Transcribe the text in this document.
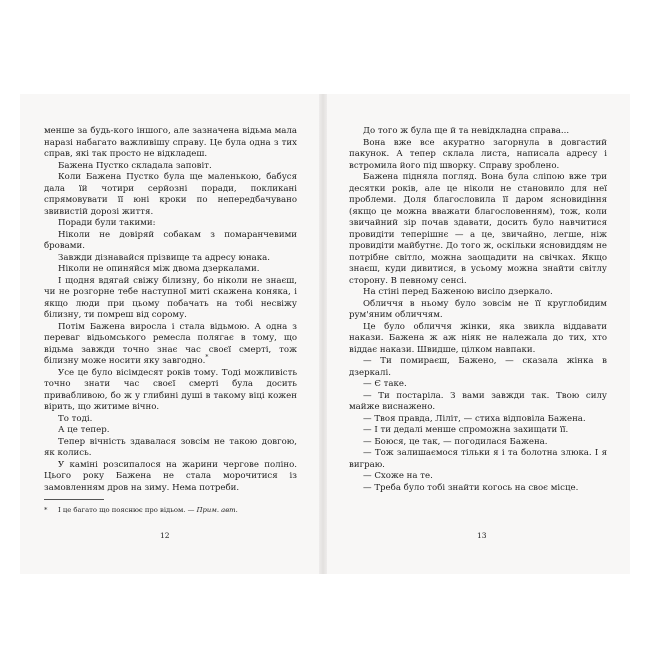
менше за будь-кого іншого, але зазначена відьма мала наразі набагато важливішу справу. Це була одна з тих справ, які так просто не відкладеш.

Бажена Пустко складала заповіт.

Коли Бажена Пустко була ще маленькою, бабуся дала їй чотири серйозні поради, покликані спрямовувати її юні кроки по непередбачувано звивистій дорозі життя.

Поради були такими:

Ніколи не довіряй собакам з помаранчевими бровами.

Завжди дізнавайся прізвище та адресу юнака.

Ніколи не опиняйся між двома дзеркалами.

І щодня вдягай свіжу білизну, бо ніколи не знаєш, чи не розгорне тебе наступної миті скажена коняка, і якщо люди при цьому побачать на тобі несвіжу білизну, ти помреш від сорому.

Потім Бажена виросла і стала відьмою. А одна з переваг відьомського ремесла полягає в тому, що відьма завжди точно знає час своєї смерті, тож білизну може носити яку завгодно.*

Усе це було вісімдесят років тому. Тоді можливість точно знати час своєї смерті була досить привабливою, бо ж у глибині душі в такому віці кожен вірить, що житиме вічно.

То тоді.

А це тепер.

Тепер вічність здавалася зовсім не такою довгою, як колись.

У каміні розсипалося на жарини чергове поліно. Цього року Бажена не стала морочитися із замовленням дров на зиму. Нема потреби.

* І це багато що пояснює про відьом. — Прим. авт.
12

До того ж була ще й та невідкладна справа...

Вона вже все акуратно загорнула в довгастий пакунок. А тепер склала листа, написала адресу і встромила його під шворку. Справу зроблено.

Бажена підняла погляд. Вона була сліпою вже три десятки років, але це ніколи не становило для неї проблеми. Доля благословила її даром ясновидіння (якщо це можна вважати благословенням), тож, коли звичайний зір почав здавати, досить було навчитися провидіти теперішнє — а це, звичайно, легше, ніж провидіти майбутнє. До того ж, оскільки ясновиддям не потрібне світло, можна заощадити на свічках. Якщо знаєш, куди дивитися, в усьому можна знайти світлу сторону. В певному сенсі.

На стіні перед Баженою висіло дзеркало.

Обличчя в ньому було зовсім не її круглобидим рум'яним обличчям.

Це було обличчя жінки, яка звикла віддавати накази. Бажена ж аж ніяк не належала до тих, хто віддає накази. Швидше, цілком навпаки.

— Ти помираєш, Бажено, — сказала жінка в дзеркалі.

— Є таке.

— Ти постаріла. З вами завжди так. Твою силу майже виснажено.

— Твоя правда, Ліліт, — стиха відповіла Бажена.

— І ти дедалі менше спроможна захищати її.

— Боюся, це так, — погодилася Бажена.

— Тож залишаємося тільки я і та болотна злюка. І я виграю.

— Схоже на те.

— Треба було тобі знайти когось на своє місце.

13
